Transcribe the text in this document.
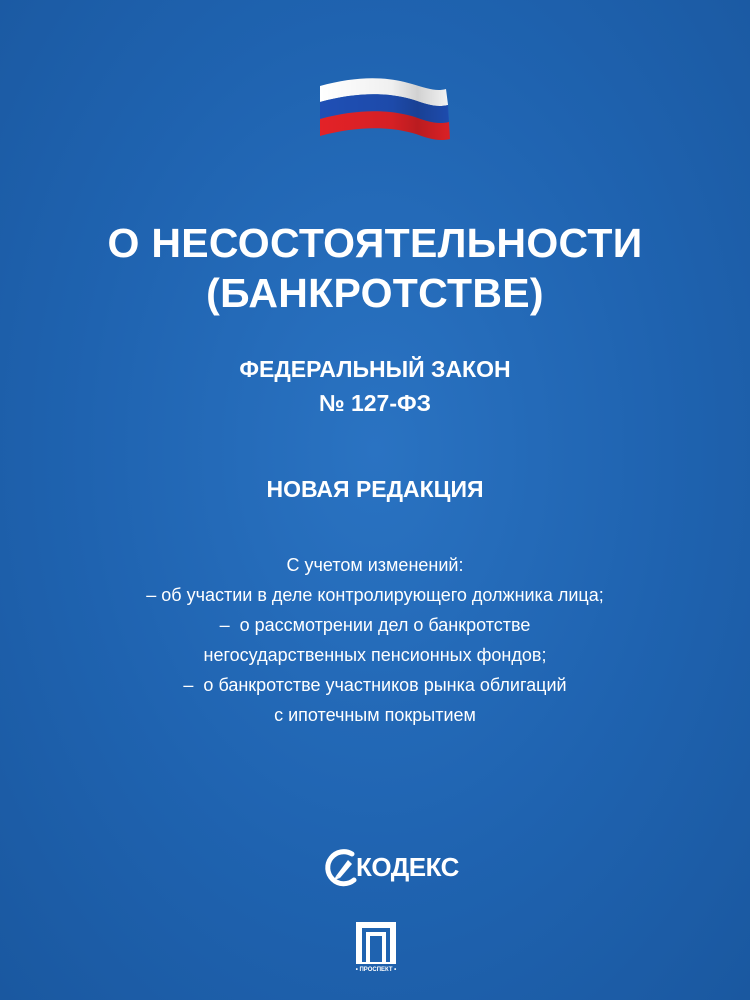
О НЕСОСТОЯТЕЛЬНОСТИ
(БАНКРОТСТВЕ)
ФЕДЕРАЛЬНЫЙ ЗАКОН
№ 127-ФЗ
НОВАЯ РЕДАКЦИЯ
С учетом изменений:
– об участии в деле контролирующего должника лица;
–  о рассмотрении дел о банкротстве
негосударственных пенсионных фондов;
–  о банкротстве участников рынка облигаций
с ипотечным покрытием
КОДЕКС
• ПРОСПЕКТ •
